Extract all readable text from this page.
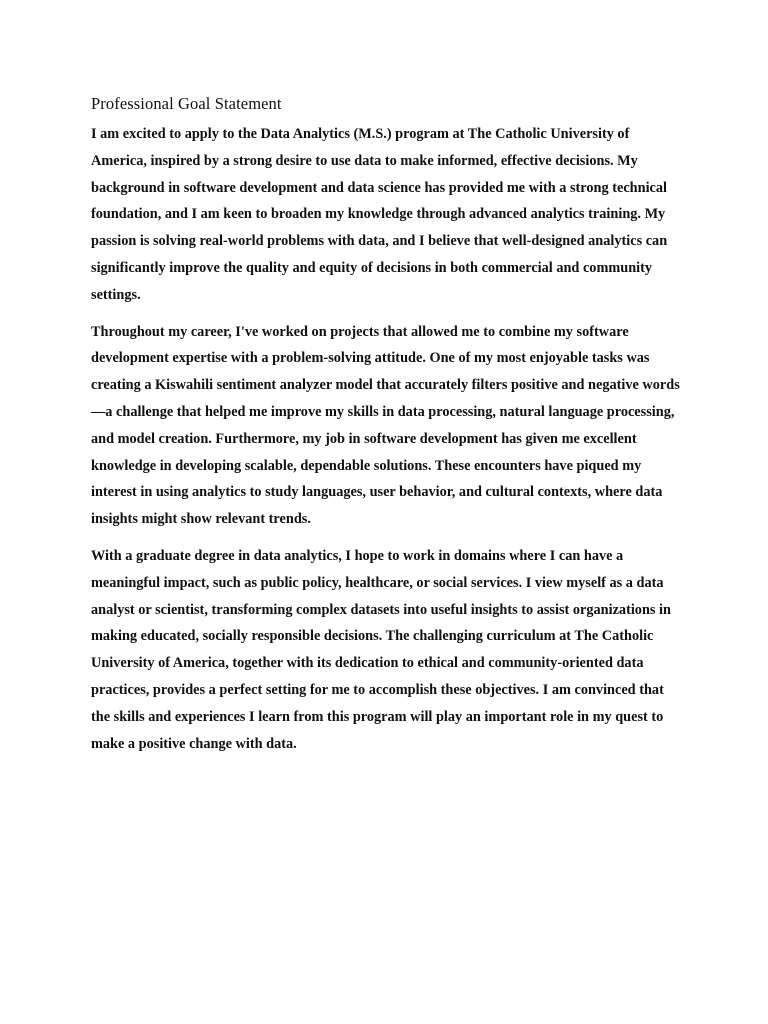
Professional Goal Statement

I am excited to apply to the Data Analytics (M.S.) program at The Catholic University of America, inspired by a strong desire to use data to make informed, effective decisions. My background in software development and data science has provided me with a strong technical foundation, and I am keen to broaden my knowledge through advanced analytics training. My passion is solving real-world problems with data, and I believe that well-designed analytics can significantly improve the quality and equity of decisions in both commercial and community settings.

Throughout my career, I've worked on projects that allowed me to combine my software development expertise with a problem-solving attitude. One of my most enjoyable tasks was creating a Kiswahili sentiment analyzer model that accurately filters positive and negative words—a challenge that helped me improve my skills in data processing, natural language processing, and model creation. Furthermore, my job in software development has given me excellent knowledge in developing scalable, dependable solutions. These encounters have piqued my interest in using analytics to study languages, user behavior, and cultural contexts, where data insights might show relevant trends.

With a graduate degree in data analytics, I hope to work in domains where I can have a meaningful impact, such as public policy, healthcare, or social services. I view myself as a data analyst or scientist, transforming complex datasets into useful insights to assist organizations in making educated, socially responsible decisions. The challenging curriculum at The Catholic University of America, together with its dedication to ethical and community-oriented data practices, provides a perfect setting for me to accomplish these objectives. I am convinced that the skills and experiences I learn from this program will play an important role in my quest to make a positive change with data.
